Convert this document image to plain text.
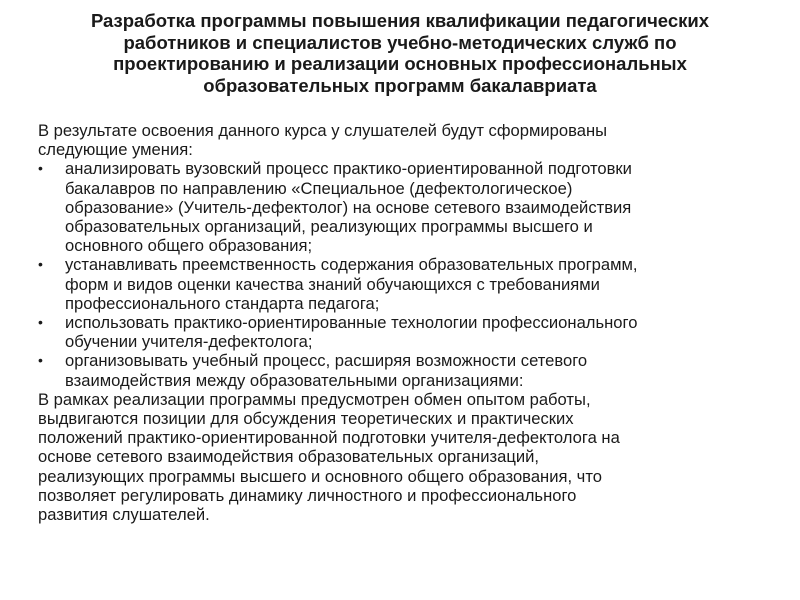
Разработка программы повышения квалификации педагогических
работников и специалистов учебно-методических служб по
проектированию и реализации основных профессиональных
образовательных программ бакалавриата

В результате освоения данного курса у слушателей будут сформированы
следующие умения:

• анализировать вузовский процесс практико-ориентированной подготовки
бакалавров по направлению «Специальное (дефектологическое)
образование» (Учитель-дефектолог) на основе сетевого взаимодействия
образовательных организаций, реализующих программы высшего и
основного общего образования;
• устанавливать преемственность содержания образовательных программ,
форм и видов оценки качества знаний обучающихся с требованиями
профессионального стандарта педагога;
• использовать практико-ориентированные технологии профессионального
обучении учителя-дефектолога;
• организовывать учебный процесс, расширяя возможности сетевого
взаимодействия между образовательными организациями:

В рамках реализации программы предусмотрен обмен опытом работы,
выдвигаются позиции для обсуждения теоретических и практических
положений практико-ориентированной подготовки учителя-дефектолога на
основе сетевого взаимодействия образовательных организаций,
реализующих программы высшего и основного общего образования, что
позволяет регулировать динамику личностного и профессионального
развития слушателей.
